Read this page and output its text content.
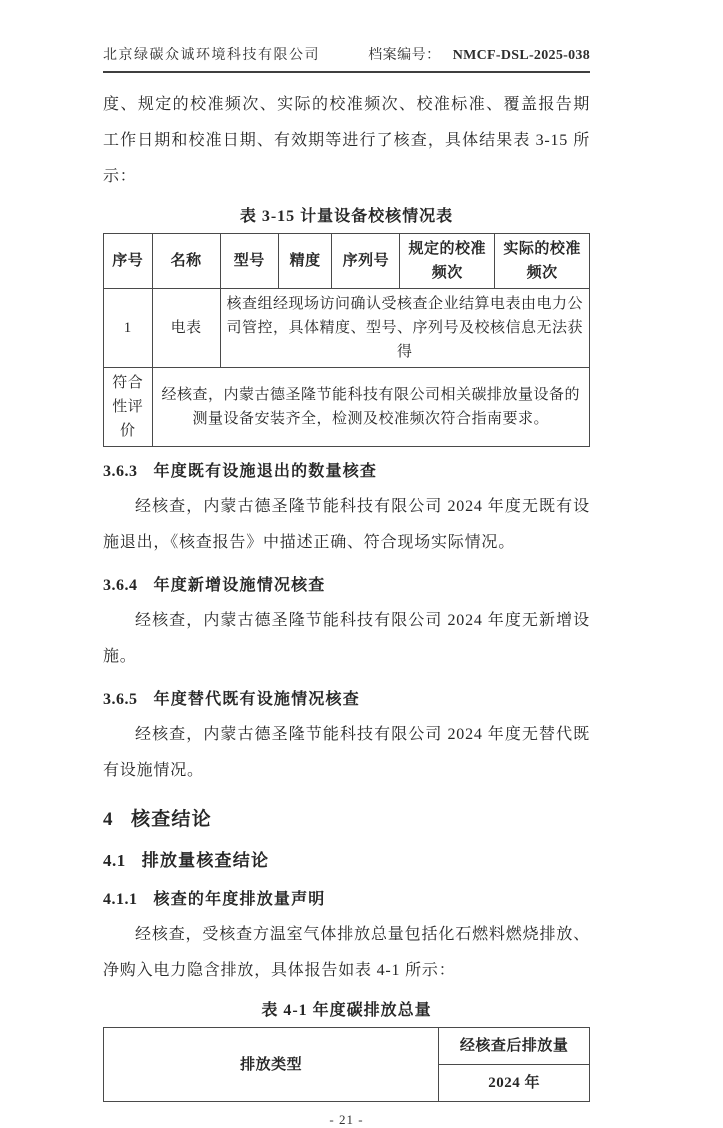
北京绿碳众诚环境科技有限公司	档案编号： NMCF-DSL-2025-038

度、规定的校准频次、实际的校准频次、校准标准、覆盖报告期工作日期和校准日期、有效期等进行了核查，具体结果表 3-15 所示：

表 3-15 计量设备校核情况表
序号	名称	型号	精度	序列号	规定的校准频次	实际的校准频次
1	电表	核查组经现场访问确认受核查企业结算电表由电力公司管控，具体精度、型号、序列号及校核信息无法获得				
符合性评价	经核查，内蒙古德圣隆节能科技有限公司相关碳排放量设备的测量设备安装齐全，检测及校准频次符合指南要求。					
3.6.3 年度既有设施退出的数量核查

经核查，内蒙古德圣隆节能科技有限公司 2024 年度无既有设施退出，《核查报告》中描述正确、符合现场实际情况。

3.6.4 年度新增设施情况核查

经核查，内蒙古德圣隆节能科技有限公司 2024 年度无新增设施。

3.6.5 年度替代既有设施情况核查

经核查，内蒙古德圣隆节能科技有限公司 2024 年度无替代既有设施情况。

4 核查结论
4.1 排放量核查结论
4.1.1 核查的年度排放量声明

经核查，受核查方温室气体排放总量包括化石燃料燃烧排放、净购入电力隐含排放，具体报告如表 4-1 所示：

表 4-1 年度碳排放总量
排放类型	经核查后排放量
2024 年
- 21 -
